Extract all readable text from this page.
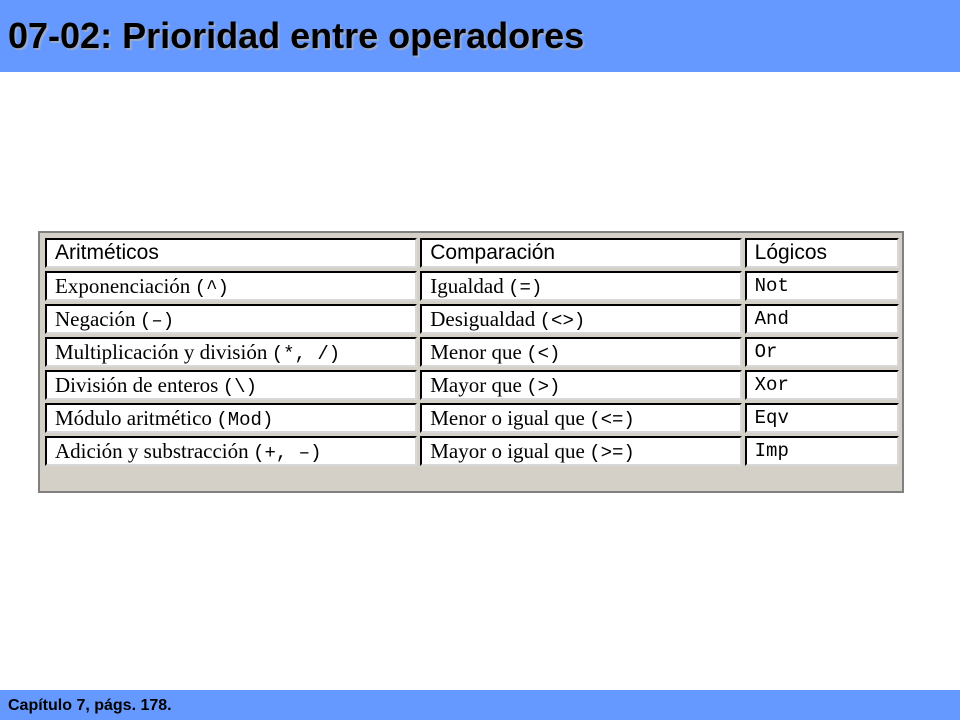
07-02: Prioridad entre operadores
Aritméticos	Comparación	Lógicos
Exponenciación (^)	Igualdad (=)	Not
Negación (–)	Desigualdad (<>)	And
Multiplicación y división (*, /)	Menor que (<)	Or
División de enteros (\)	Mayor que (>)	Xor
Módulo aritmético (Mod)	Menor o igual que (<=)	Eqv
Adición y substracción (+, –)	Mayor o igual que (>=)	Imp
Capítulo 7, págs. 178.
